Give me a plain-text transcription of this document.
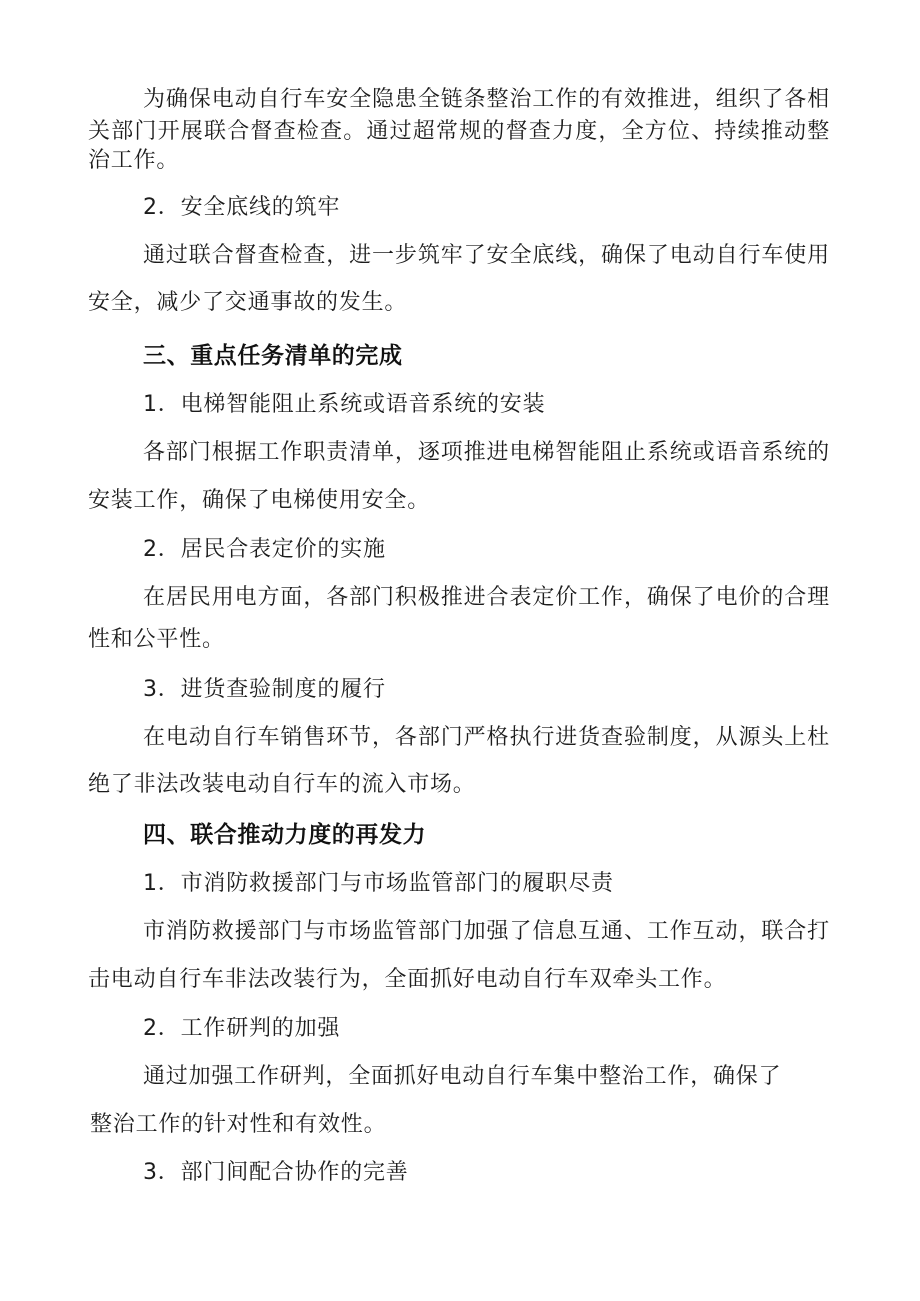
为确保电动自行车安全隐患全链条整治工作的有效推进，组织了各相
关部门开展联合督查检查。通过超常规的督查力度，全方位、持续推动整
治工作。
2．安全底线的筑牢
通过联合督查检查，进一步筑牢了安全底线，确保了电动自行车使用
安全，减少了交通事故的发生。
三、重点任务清单的完成
1．电梯智能阻止系统或语音系统的安装
各部门根据工作职责清单，逐项推进电梯智能阻止系统或语音系统的
安装工作，确保了电梯使用安全。
2．居民合表定价的实施
在居民用电方面，各部门积极推进合表定价工作，确保了电价的合理
性和公平性。
3．进货查验制度的履行
在电动自行车销售环节，各部门严格执行进货查验制度，从源头上杜
绝了非法改装电动自行车的流入市场。
四、联合推动力度的再发力
1．市消防救援部门与市场监管部门的履职尽责
市消防救援部门与市场监管部门加强了信息互通、工作互动，联合打
击电动自行车非法改装行为，全面抓好电动自行车双牵头工作。
2．工作研判的加强
通过加强工作研判，全面抓好电动自行车集中整治工作，确保了
整治工作的针对性和有效性。
3．部门间配合协作的完善
